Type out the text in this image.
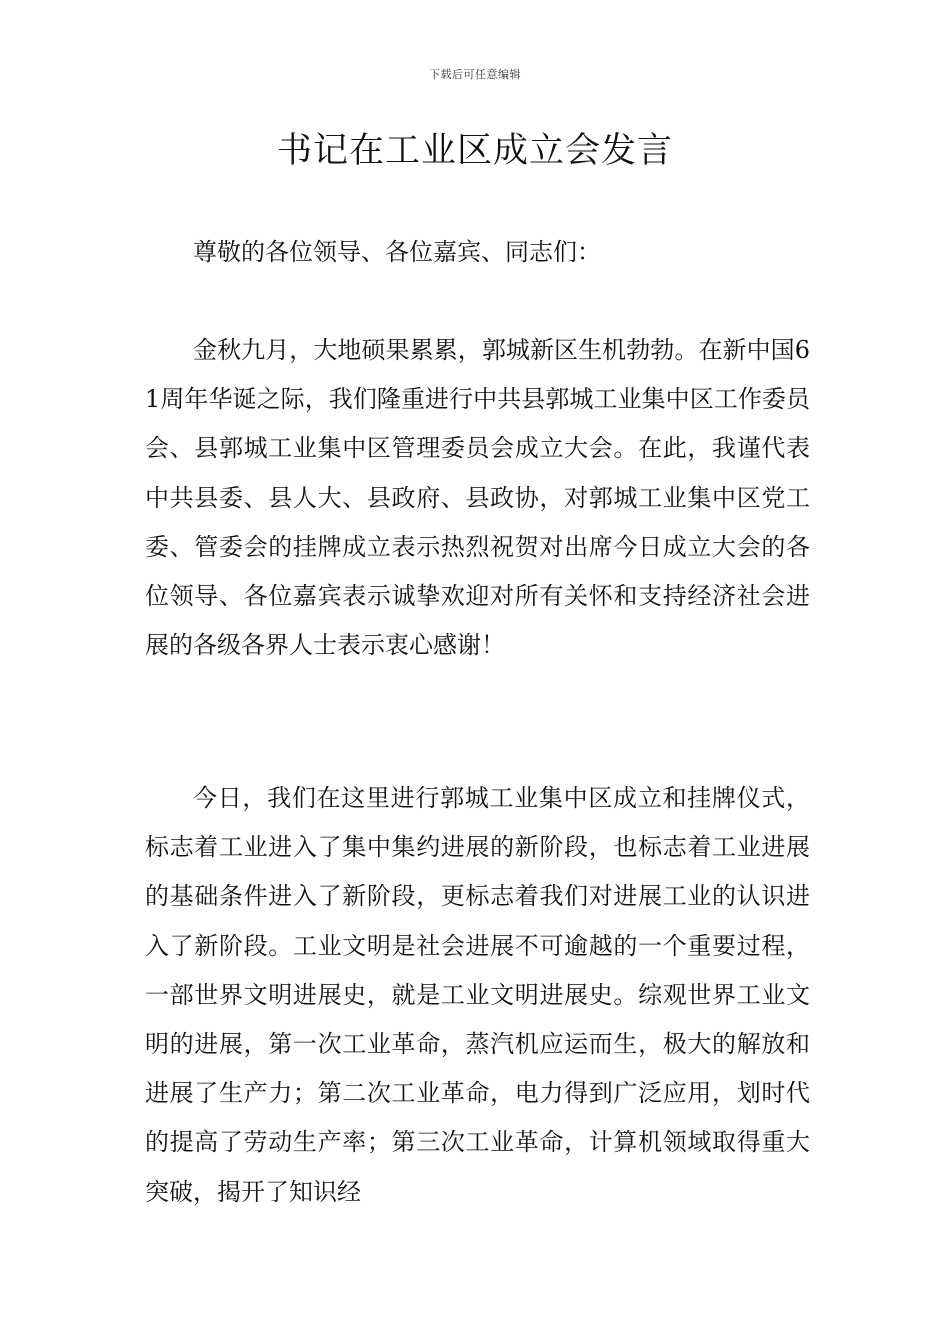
下载后可任意编辑
书记在工业区成立会发言

尊敬的各位领导、各位嘉宾、同志们：

金秋九月，大地硕果累累，郭城新区生机勃勃。在新中国61周年华诞之际，我们隆重进行中共县郭城工业集中区工作委员会、县郭城工业集中区管理委员会成立大会。在此，我谨代表中共县委、县人大、县政府、县政协，对郭城工业集中区党工委、管委会的挂牌成立表示热烈祝贺对出席今日成立大会的各位领导、各位嘉宾表示诚挚欢迎对所有关怀和支持经济社会进展的各级各界人士表示衷心感谢！

今日，我们在这里进行郭城工业集中区成立和挂牌仪式，标志着工业进入了集中集约进展的新阶段，也标志着工业进展的基础条件进入了新阶段，更标志着我们对进展工业的认识进入了新阶段。工业文明是社会进展不可逾越的一个重要过程，一部世界文明进展史，就是工业文明进展史。综观世界工业文明的进展，第一次工业革命，蒸汽机应运而生，极大的解放和进展了生产力；第二次工业革命，电力得到广泛应用，划时代的提高了劳动生产率；第三次工业革命，计算机领域取得重大突破，揭开了知识经
